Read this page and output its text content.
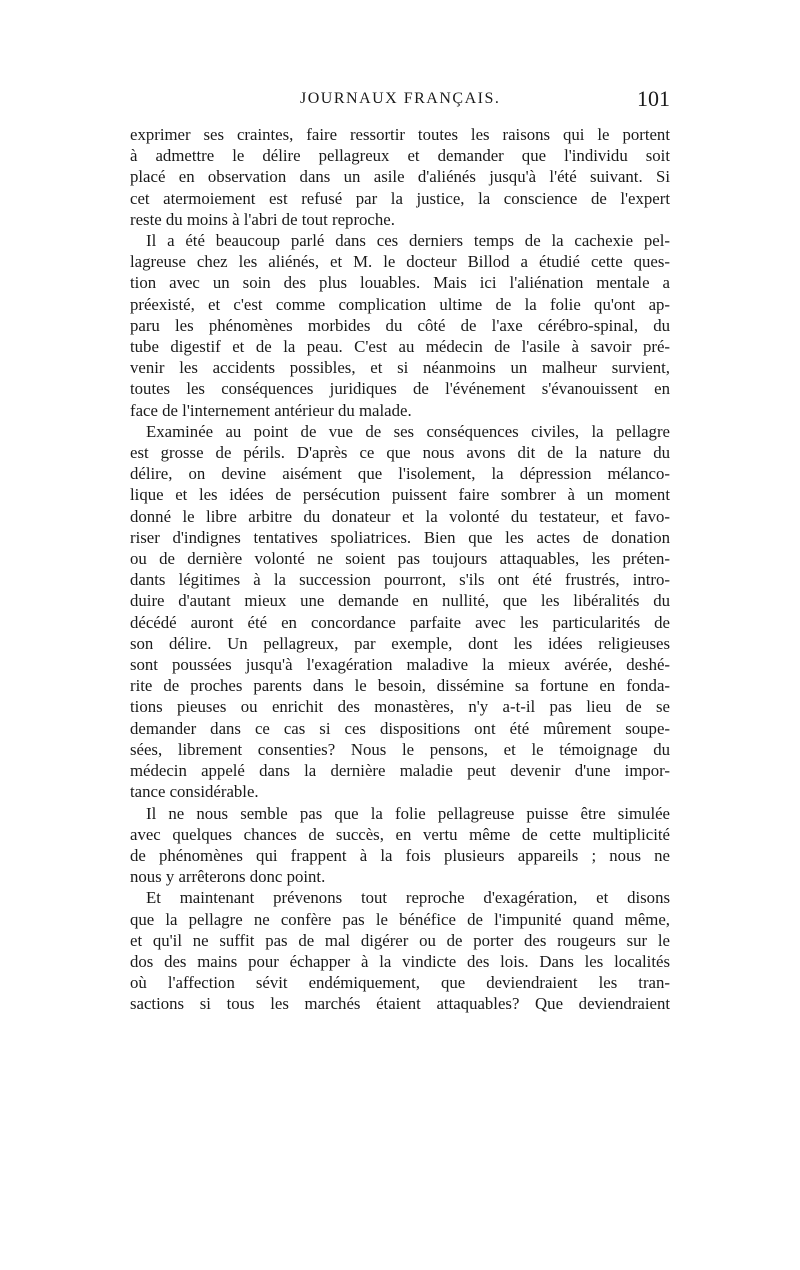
JOURNAUX FRANÇAIS.	101

exprimer ses craintes, faire ressortir toutes les raisons qui le portent
à admettre le délire pellagreux et demander que l'individu soit
placé en observation dans un asile d'aliénés jusqu'à l'été suivant. Si
cet atermoiement est refusé par la justice, la conscience de l'expert
reste du moins à l'abri de tout reproche.

Il a été beaucoup parlé dans ces derniers temps de la cachexie pel-
lagreuse chez les aliénés, et M. le docteur Billod a étudié cette ques-
tion avec un soin des plus louables. Mais ici l'aliénation mentale a
préexisté, et c'est comme complication ultime de la folie qu'ont ap-
paru les phénomènes morbides du côté de l'axe cérébro-spinal, du
tube digestif et de la peau. C'est au médecin de l'asile à savoir pré-
venir les accidents possibles, et si néanmoins un malheur survient,
toutes les conséquences juridiques de l'événement s'évanouissent en
face de l'internement antérieur du malade.

Examinée au point de vue de ses conséquences civiles, la pellagre
est grosse de périls. D'après ce que nous avons dit de la nature du
délire, on devine aisément que l'isolement, la dépression mélanco-
lique et les idées de persécution puissent faire sombrer à un moment
donné le libre arbitre du donateur et la volonté du testateur, et favo-
riser d'indignes tentatives spoliatrices. Bien que les actes de donation
ou de dernière volonté ne soient pas toujours attaquables, les préten-
dants légitimes à la succession pourront, s'ils ont été frustrés, intro-
duire d'autant mieux une demande en nullité, que les libéralités du
décédé auront été en concordance parfaite avec les particularités de
son délire. Un pellagreux, par exemple, dont les idées religieuses
sont poussées jusqu'à l'exagération maladive la mieux avérée, deshé-
rite de proches parents dans le besoin, dissémine sa fortune en fonda-
tions pieuses ou enrichit des monastères, n'y a-t-il pas lieu de se
demander dans ce cas si ces dispositions ont été mûrement soupe-
sées, librement consenties? Nous le pensons, et le témoignage du
médecin appelé dans la dernière maladie peut devenir d'une impor-
tance considérable.

Il ne nous semble pas que la folie pellagreuse puisse être simulée
avec quelques chances de succès, en vertu même de cette multiplicité
de phénomènes qui frappent à la fois plusieurs appareils ; nous ne
nous y arrêterons donc point.

Et maintenant prévenons tout reproche d'exagération, et disons
que la pellagre ne confère pas le bénéfice de l'impunité quand même,
et qu'il ne suffit pas de mal digérer ou de porter des rougeurs sur le
dos des mains pour échapper à la vindicte des lois. Dans les localités
où l'affection sévit endémiquement, que deviendraient les tran-
sactions si tous les marchés étaient attaquables? Que deviendraient
